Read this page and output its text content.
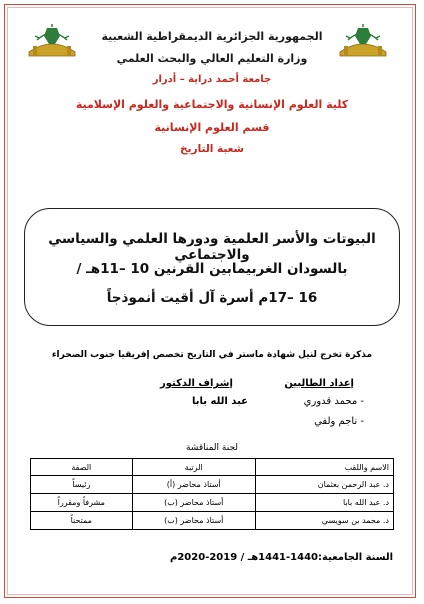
الجمهورية الجزائرية الديمقراطية الشعبية
وزارة التعليم العالي والبحث العلمي
جامعة أحمد دراية – أدرار
كلية العلوم الإنسانية والاجتماعية والعلوم الإسلامية
قسم العلوم الإنسانية
شعبة التاريخ
البيوتات والأسر العلمية ودورها العلمي والسياسي والاجتماعي
بالسودان الغربيمابين القرنين 10 –11هـ /
16 –17م أسرة آل أقيت أنموذجاً
مذكرة تخرج لنيل شهادة ماستر في التاريخ تخصص إفريقيا جنوب الصحراء
إعداد الطالبين
إشراف الدكتور
- محمد قدوري
- ناجم ولفي
عبد الله بابا
لجنة المناقشة
الاسم واللقب	الرتبة	الصفة
د. عبد الرحمن بعثمان	أستاذ محاضر (أ)	رئيساً
د. عبد الله بابا	أستاذ محاضر (ب)	مشرفاً ومقرراً
د. محمد بن سويسي	أستاذ محاضر (ب)	ممتحناً
السنة الجامعية:1440-1441هـ / 2019-2020م
